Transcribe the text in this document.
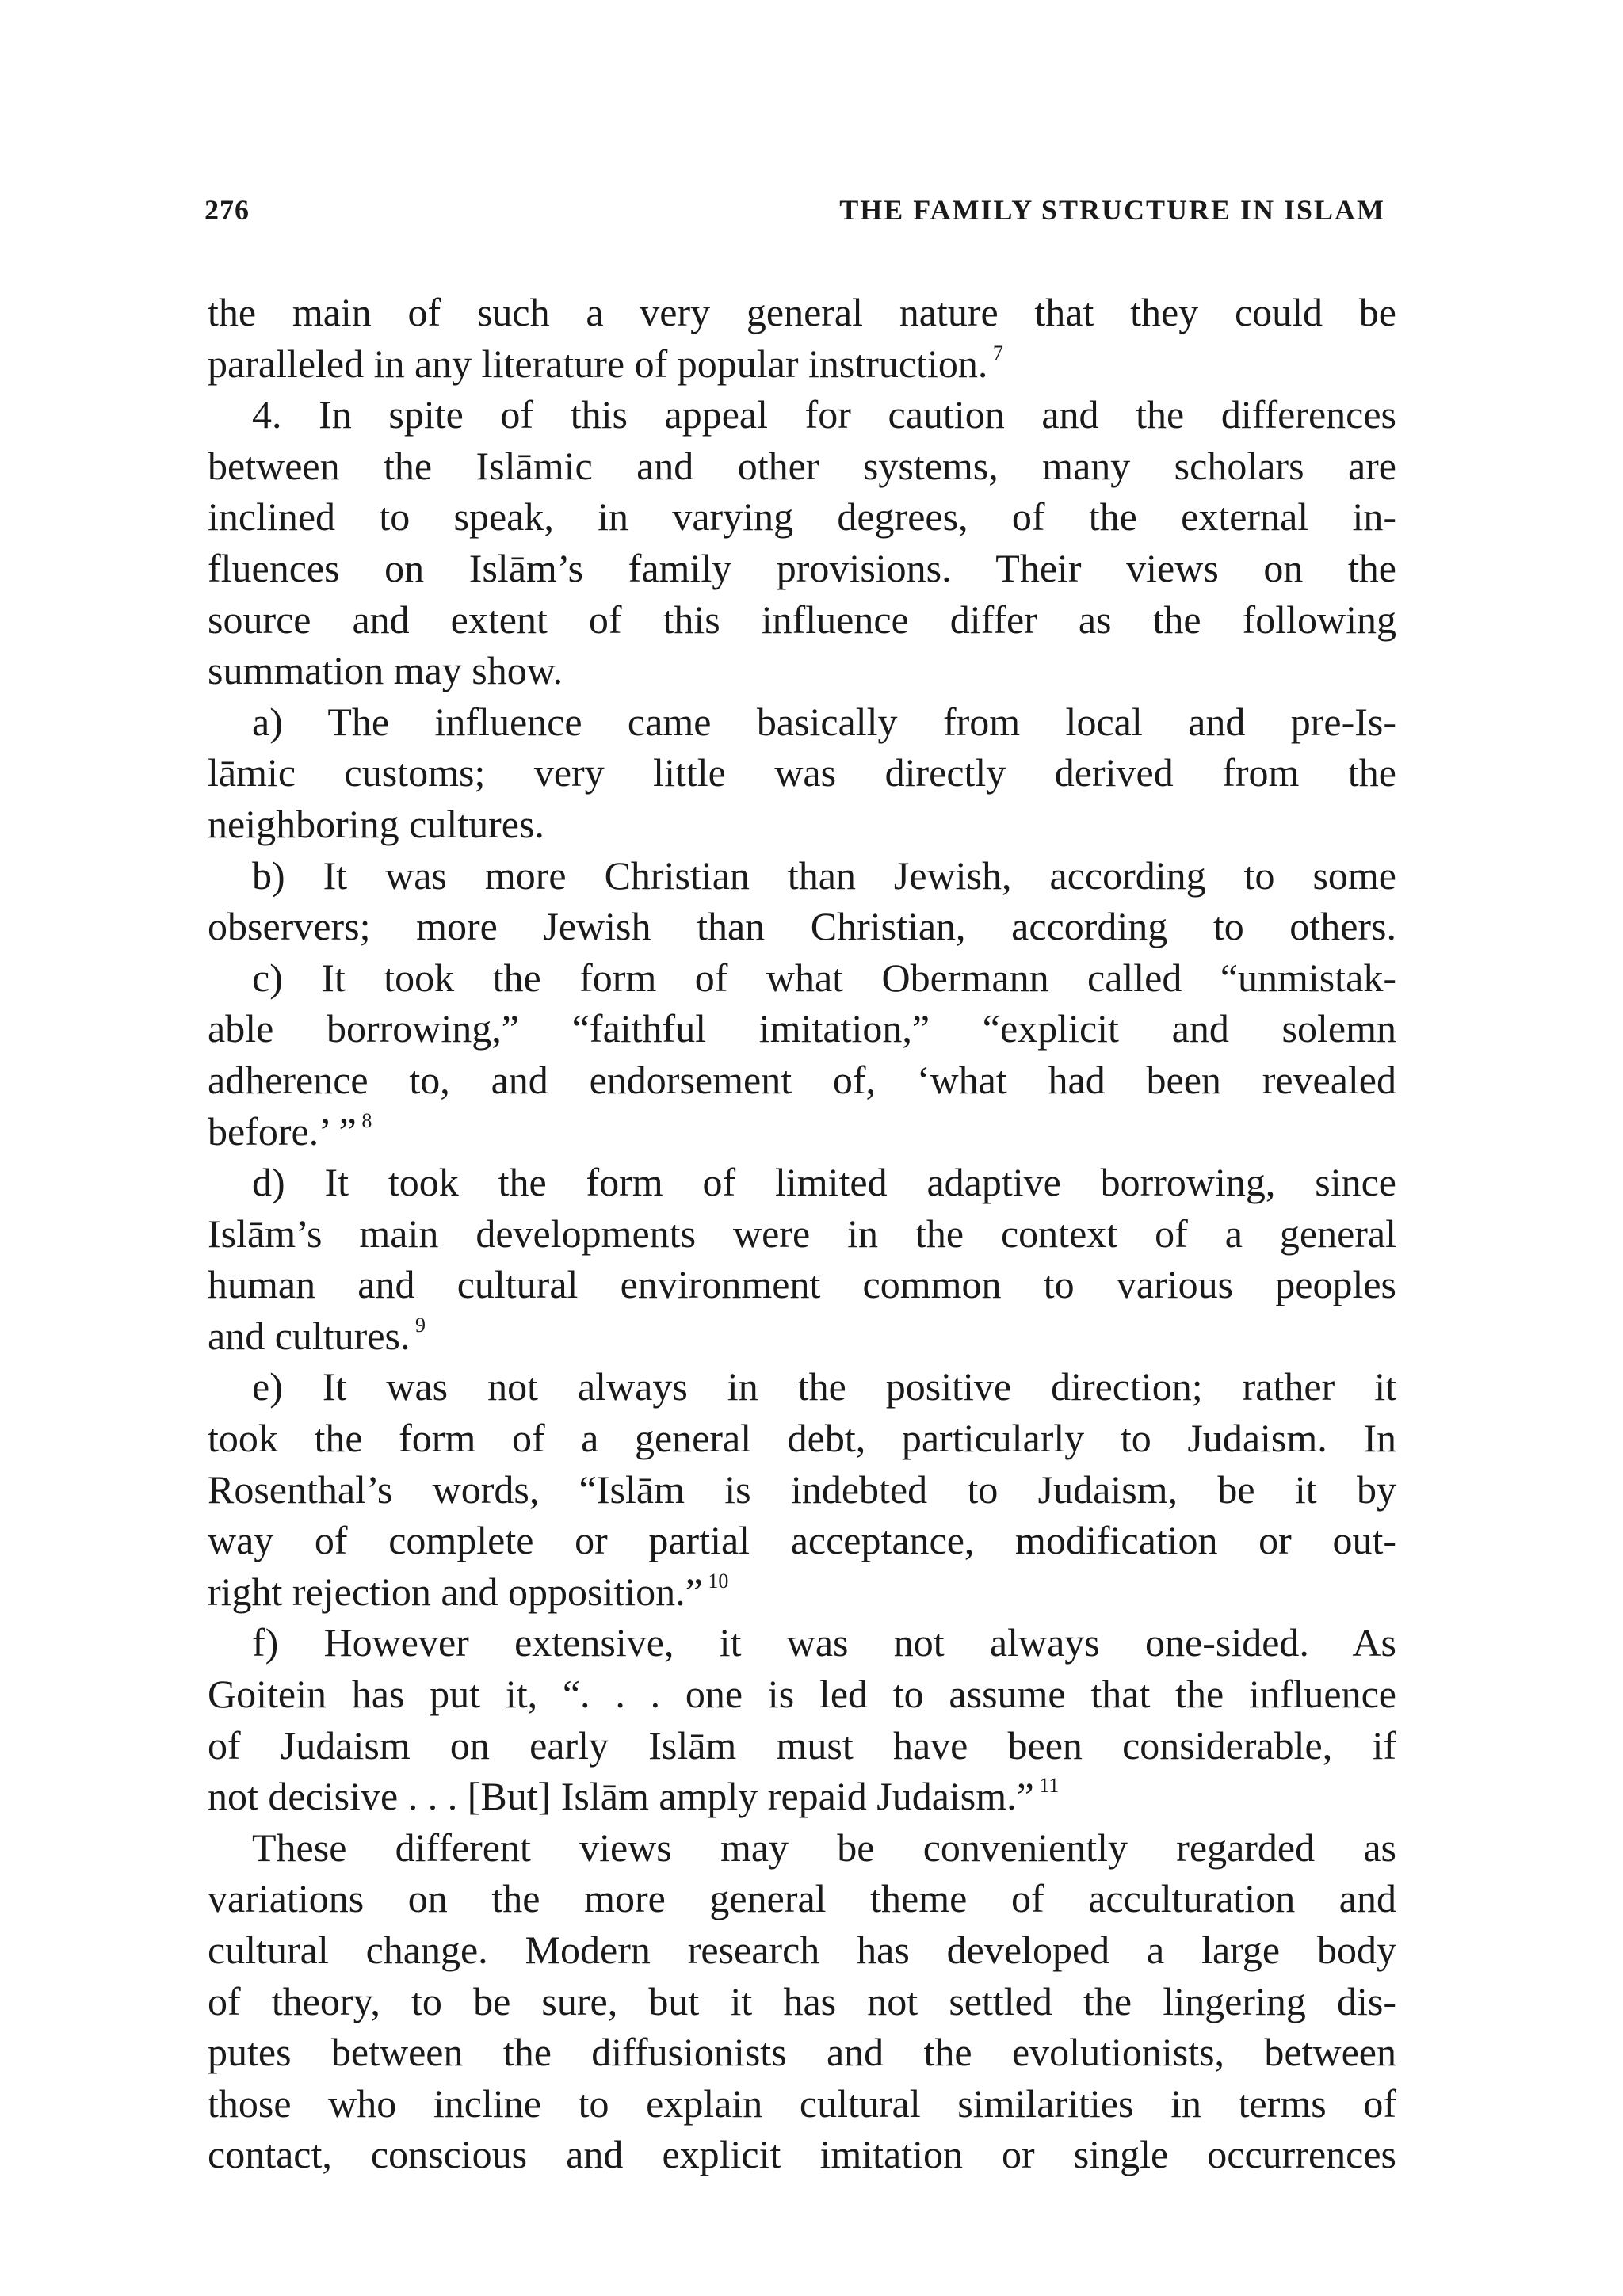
276	THE FAMILY STRUCTURE IN ISLAM
the main of such a very general nature that they could be
paralleled in any literature of popular instruction. $^7$
4. In spite of this appeal for caution and the differences
between the Islāmic and other systems, many scholars are
inclined to speak, in varying degrees, of the external in-
fluences on Islām’s family provisions. Their views on the
source and extent of this influence differ as the following
summation may show.
a) The influence came basically from local and pre-Is-
lāmic customs; very little was directly derived from the
neighboring cultures.
b) It was more Christian than Jewish, according to some
observers; more Jewish than Christian, according to others.
c) It took the form of what Obermann called “unmistak-
able borrowing,” “faithful imitation,” “explicit and solemn
adherence to, and endorsement of, ‘what had been revealed
before.’ ” $^8$
d) It took the form of limited adaptive borrowing, since
Islām’s main developments were in the context of a general
human and cultural environment common to various peoples
and cultures. $^9$
e) It was not always in the positive direction; rather it
took the form of a general debt, particularly to Judaism. In
Rosenthal’s words, “Islām is indebted to Judaism, be it by
way of complete or partial acceptance, modification or out-
right rejection and opposition.” $^{10}$
f) However extensive, it was not always one-sided. As
Goitein has put it, “. . . one is led to assume that the influence
of Judaism on early Islām must have been considerable, if
not decisive . . . [But] Islām amply repaid Judaism.” $^{11}$
These different views may be conveniently regarded as
variations on the more general theme of acculturation and
cultural change. Modern research has developed a large body
of theory, to be sure, but it has not settled the lingering dis-
putes between the diffusionists and the evolutionists, between
those who incline to explain cultural similarities in terms of
contact, conscious and explicit imitation or single occurrences
